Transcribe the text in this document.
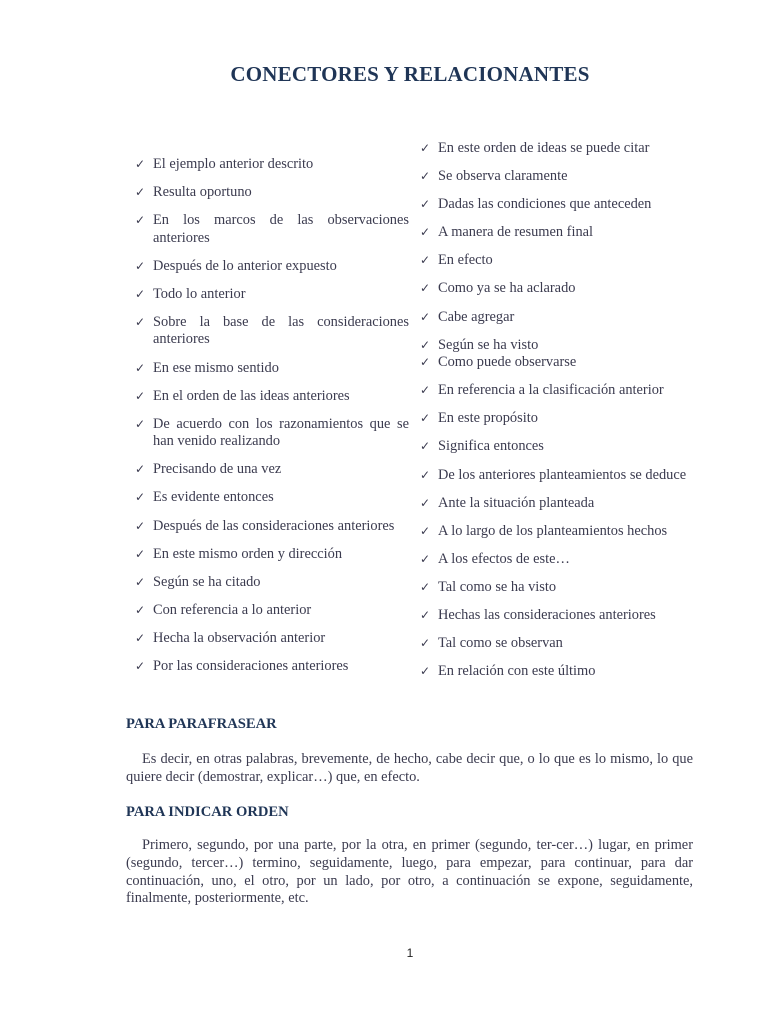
CONECTORES Y RELACIONANTES
✓ El ejemplo anterior descrito
✓ Resulta oportuno
✓ En los marcos de las observaciones anteriores
✓ Después de lo anterior expuesto
✓ Todo lo anterior
✓ Sobre la base de las consideraciones anteriores
✓ En ese mismo sentido
✓ En el orden de las ideas anteriores
✓ De acuerdo con los razonamientos que se han venido realizando
✓ Precisando de una vez
✓ Es evidente entonces
✓ Después de las consideraciones anteriores
✓ En este mismo orden y dirección
✓ Según se ha citado
✓ Con referencia a lo anterior
✓ Hecha la observación anterior
✓ Por las consideraciones anteriores
✓ En este orden de ideas se puede citar
✓ Se observa claramente
✓ Dadas las condiciones que anteceden
✓ A manera de resumen final
✓ En efecto
✓ Como ya se ha aclarado
✓ Cabe agregar
✓ Según se ha visto
✓ Como puede observarse
✓ En referencia a la clasificación anterior
✓ En este propósito
✓ Significa entonces
✓ De los anteriores planteamientos se deduce
✓ Ante la situación planteada
✓ A lo largo de los planteamientos hechos
✓ A los efectos de este…
✓ Tal como se ha visto
✓ Hechas las consideraciones anteriores
✓ Tal como se observan
✓ En relación con este último
PARA PARAFRASEAR

Es decir, en otras palabras, brevemente, de hecho, cabe decir que, o lo que es lo mismo, lo que quiere decir (demostrar, explicar…) que, en efecto.

PARA INDICAR ORDEN

Primero, segundo, por una parte, por la otra, en primer (segundo, ter-cer…) lugar, en primer (segundo, tercer…) termino, seguidamente, luego, para empezar, para continuar, para dar continuación, uno, el otro, por un lado, por otro, a continuación se expone, seguidamente, finalmente, posteriormente, etc.

1
